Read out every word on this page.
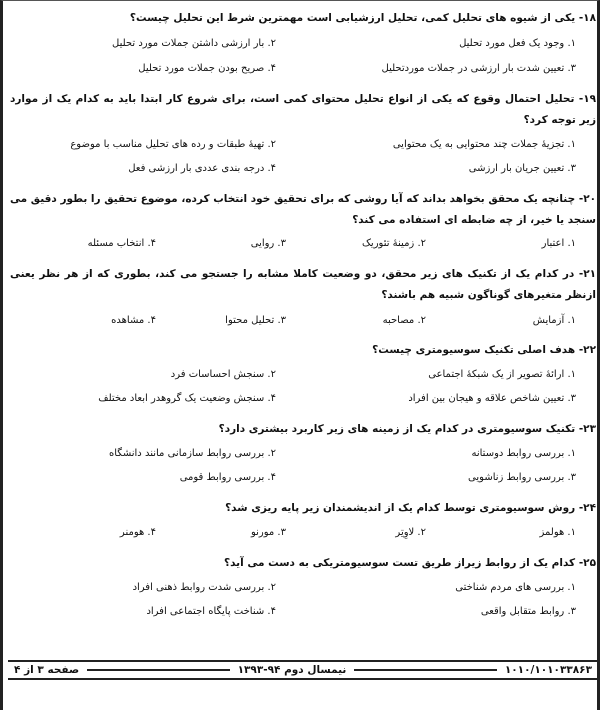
۱۸- یکی از شیوه های تحلیل کمی، تحلیل ارزشیابی است مهمترین شرط این تحلیل چیست؟
۱. وجود یک فعل مورد تحلیل
۲. بار ارزشی داشتن جملات مورد تحلیل
۳. تعیین شدت بار ارزشی در جملات موردتحلیل
۴. صریح بودن جملات مورد تحلیل
۱۹- تحلیل احتمال وقوع که یکی از انواع تحلیل محتوای کمی است، برای شروع کار ابتدا باید به کدام یک از موارد زیر توجه کرد؟
۱. تجزیهٔ جملات چند محتوایی به یک محتوایی
۲. تهیهٔ طبقات و رده های تحلیل مناسب با موضوع
۳. تعیین جریان بار ارزشی
۴. درجه بندی عددی بار ارزشی فعل
۲۰- چنانچه یک محقق بخواهد بداند که آیا روشی که برای تحقیق خود انتخاب کرده، موضوع تحقیق را بطور دقیق می سنجد یا خیر، از چه ضابطه ای استفاده می کند؟
۱. اعتبار
۲. زمینهٔ تئوریک
۳. روایی
۴. انتخاب مسئله
۲۱- در کدام یک از تکنیک های زیر محقق، دو وضعیت کاملا مشابه را جستجو می کند، بطوری که از هر نظر یعنی ازنظر متغیرهای گوناگون شبیه هم باشند؟
۱. آزمایش
۲. مصاحبه
۳. تحلیل محتوا
۴. مشاهده
۲۲- هدف اصلی تکنیک سوسیومتری چیست؟
۱. ارائهٔ تصویر از یک شبکهٔ اجتماعی
۲. سنجش احساسات فرد
۳. تعیین شاخص علاقه و هیجان بین افراد
۴. سنجش وضعیت یک گروهدر ابعاد مختلف
۲۳- تکنیک سوسیومتری در کدام یک از زمینه های زیر کاربرد بیشتری دارد؟
۱. بررسی روابط دوستانه
۲. بررسی روابط سازمانی مانند دانشگاه
۳. بررسی روابط زناشویی
۴. بررسی روابط قومی
۲۴- روش سوسیومتری توسط کدام یک از اندیشمندان زیر پایه ریزی شد؟
۱. هولمز
۲. لاوِتِر
۳. مورنو
۴. هومنر
۲۵- کدام یک از روابط زیراز طریق تست سوسیومتریکی به دست می آید؟
۱. بررسی های مردم شناختی
۲. بررسی شدت روابط ذهنی افراد
۳. روابط متقابل واقعی
۴. شناخت پایگاه اجتماعی افراد
۱۰۱۰/۱۰۱۰۳۳۸۶۳
نیمسال دوم ۹۴-۱۳۹۳
صفحه ۳ از ۴
